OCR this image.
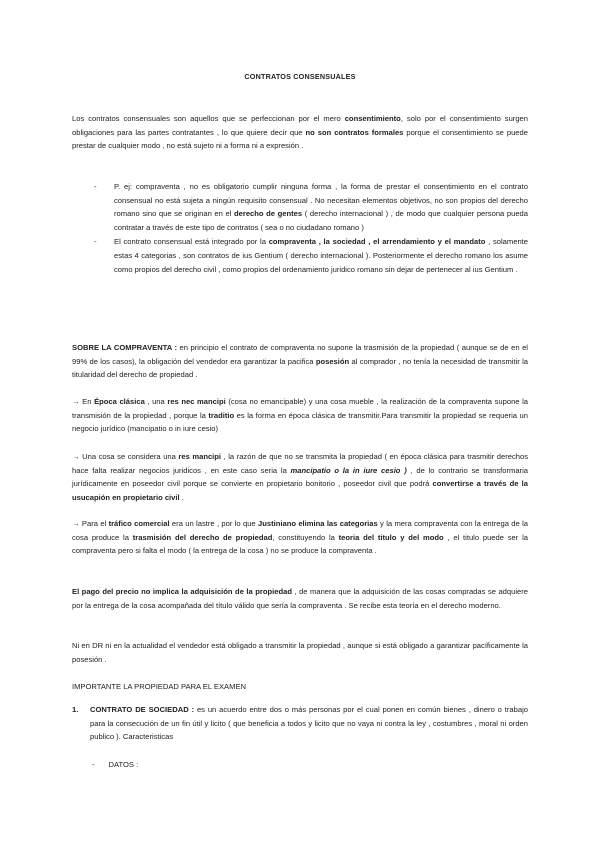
CONTRATOS CONSENSUALES

Los contratos consensuales son aquellos que se perfeccionan por el mero consentimiento, solo por el consentimiento surgen obligaciones para las partes contratantes , lo que quiere decir que no son contratos formales porque el consentimiento se puede prestar de cualquier modo , no está sujeto ni a forma ni a expresión .

- P. ej: compraventa , no es obligatorio cumplir ninguna forma , la forma de prestar el consentimiento en el contrato consensual no está sujeta a ningún requisito consensual . No necesitan elementos objetivos, no son propios del derecho romano sino que se originan en el derecho de gentes ( derecho internacional ) , de modo que cualquier persona pueda contratar a través de este tipo de contratos ( sea o no ciudadano romano )
- El contrato consensual está integrado por la compraventa , la sociedad , el arrendamiento y el mandato , solamente estas 4 categorias , son contratos de ius Gentium ( derecho internacional ). Posteriormente el derecho romano los asume como propios del derecho civil , como propios del ordenamiento juridico romano sin dejar de pertenecer al ius Gentium .

SOBRE LA COMPRAVENTA : en principio el contrato de compraventa no supone la trasmisión de la propiedad ( aunque se de en el 99% de los casos), la obligación del vendedor era garantizar la pacifica posesión al comprador , no tenía la necesidad de transmitir la titularidad del derecho de propiedad .

→ En Época clásica , una res nec mancipi (cosa no emancipable) y una cosa mueble , la realización de la compraventa supone la transmisión de la propiedad , porque la traditio es la forma en época clásica de transmitir.Para transmitir la propiedad se requeria un negocio jurídico (mancipatio o in iure cesio)

→ Una cosa se considera una res mancipi , la razón de que no se transmita la propiedad ( en época clásica para trasmitir derechos hace falta realizar negocios juridicos , en este caso seria la mancipatio o la in iure cesio ) , de lo contrario se transformaria jurídicamente en poseedor civil porque se convierte en propietario bonitorio , poseedor civil que podrá convertirse a través de la usucapión en propietario civil .

→ Para el tráfico comercial era un lastre , por lo que Justiniano elimina las categorias y la mera compraventa con la entrega de la cosa produce la trasmisión del derecho de propiedad, constituyendo la teoria del titulo y del modo , el titulo puede ser la compraventa pero si falta el modo ( la entrega de la cosa ) no se produce la compraventa .

El pago del precio no implica la adquisición de la propiedad , de manera que la adquisición de las cosas compradas se adquiere por la entrega de la cosa acompañada del título válido que sería la compraventa . Se recibe esta teoría en el derecho moderno.

Ni en DR ni en la actualidad el vendedor está obligado a transmitir la propiedad , aunque si está obligado a garantizar pacíficamente la posesión .

IMPORTANTE LA PROPIEDAD PARA EL EXAMEN

1. CONTRATO DE SOCIEDAD : es un acuerdo entre dos o más personas por el cual ponen en común bienes , dinero o trabajo para la consecución de un fin útil y licito ( que beneficia a todos y licito que no vaya ni contra la ley , costumbres , moral ni orden publico ). Caracteristicas
- DATOS :
